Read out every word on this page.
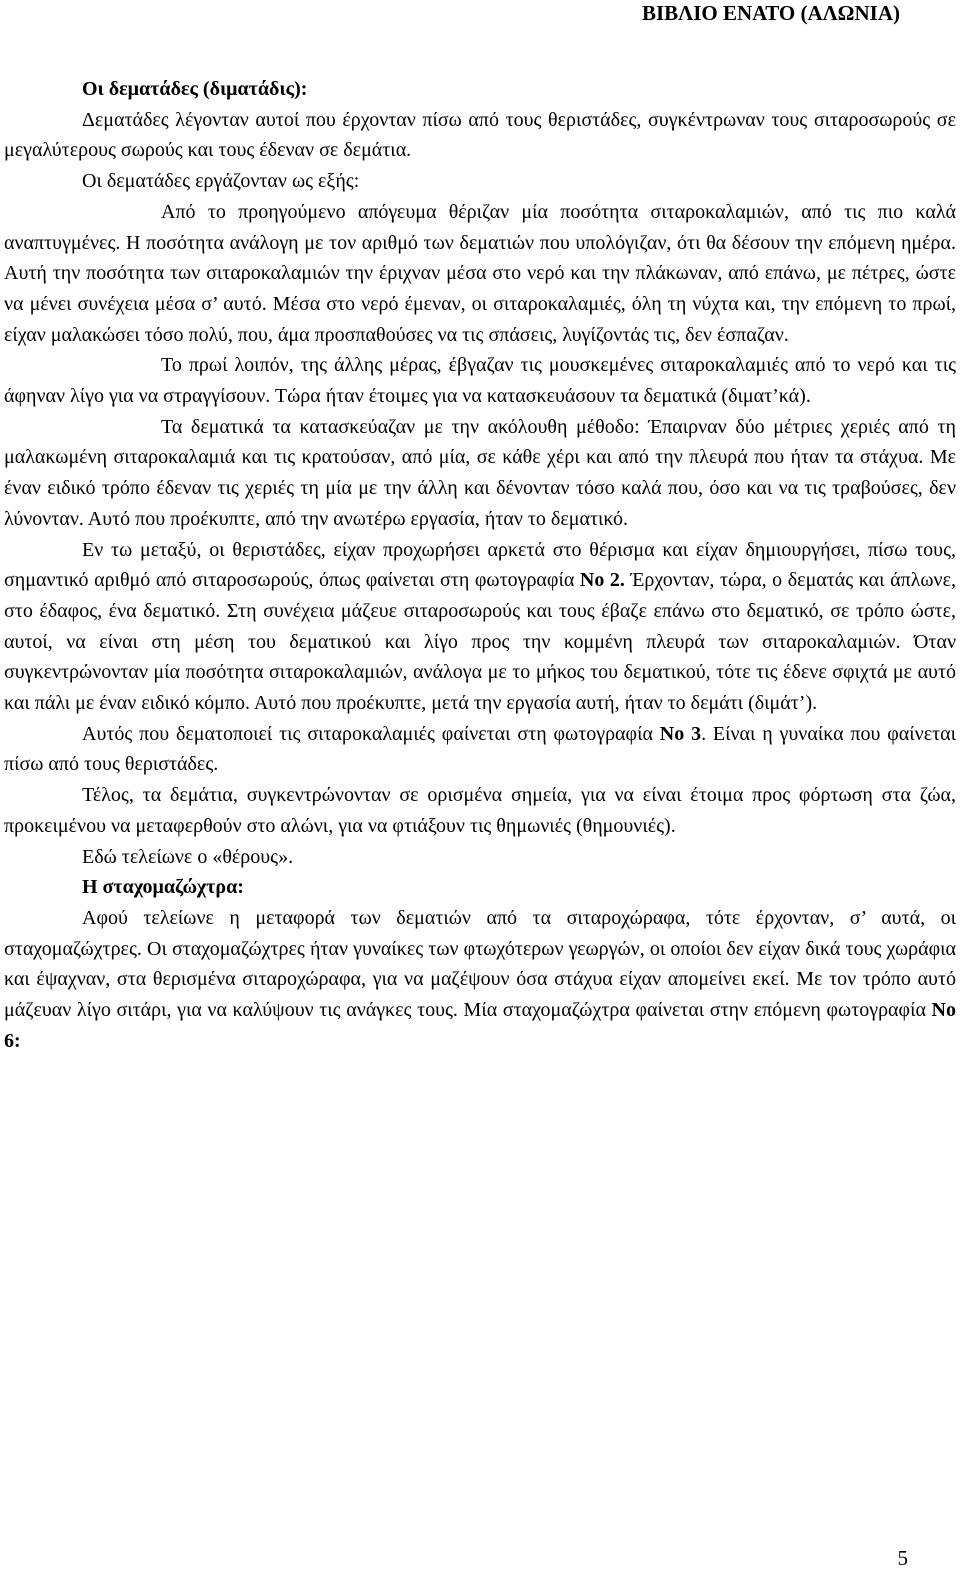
ΒΙΒΛΙΟ ΕΝΑΤΟ (ΑΛΩΝΙΑ)

Οι δεματάδες (διματάδις):

Δεματάδες λέγονταν αυτοί που έρχονταν πίσω από τους θεριστάδες, συγκέντρωναν τους σιταροσωρούς σε μεγαλύτερους σωρούς και τους έδεναν σε δεμάτια.

Οι δεματάδες εργάζονταν ως εξής:

Από το προηγούμενο απόγευμα θέριζαν μία ποσότητα σιταροκαλαμιών, από τις πιο καλά αναπτυγμένες. Η ποσότητα ανάλογη με τον αριθμό των δεματιών που υπολόγιζαν, ότι θα δέσουν την επόμενη ημέρα. Αυτή την ποσότητα των σιταροκαλαμιών την έριχναν μέσα στο νερό και την πλάκωναν, από επάνω, με πέτρες, ώστε να μένει συνέχεια μέσα σ’ αυτό. Μέσα στο νερό έμεναν, οι σιταροκαλαμιές, όλη τη νύχτα και, την επόμενη το πρωί, είχαν μαλακώσει τόσο πολύ, που, άμα προσπαθούσες να τις σπάσεις, λυγίζοντάς τις, δεν έσπαζαν.

Το πρωί λοιπόν, της άλλης μέρας, έβγαζαν τις μουσκεμένες σιταροκαλαμιές από το νερό και τις άφηναν λίγο για να στραγγίσουν. Τώρα ήταν έτοιμες για να κατασκευάσουν τα δεματικά (διματ’κά).

Τα δεματικά τα κατασκεύαζαν με την ακόλουθη μέθοδο: Έπαιρναν δύο μέτριες χεριές από τη μαλακωμένη σιταροκαλαμιά και τις κρατούσαν, από μία, σε κάθε χέρι και από την πλευρά που ήταν τα στάχυα. Με έναν ειδικό τρόπο έδεναν τις χεριές τη μία με την άλλη και δένονταν τόσο καλά που, όσο και να τις τραβούσες, δεν λύνονταν. Αυτό που προέκυπτε, από την ανωτέρω εργασία, ήταν το δεματικό.

Εν τω μεταξύ, οι θεριστάδες, είχαν προχωρήσει αρκετά στο θέρισμα και είχαν δημιουργήσει, πίσω τους, σημαντικό αριθμό από σιταροσωρούς, όπως φαίνεται στη φωτογραφία Νο 2. Έρχονταν, τώρα, ο δεματάς και άπλωνε, στο έδαφος, ένα δεματικό. Στη συνέχεια μάζευε σιταροσωρούς και τους έβαζε επάνω στο δεματικό, σε τρόπο ώστε, αυτοί, να είναι στη μέση του δεματικού και λίγο προς την κομμένη πλευρά των σιταροκαλαμιών. Όταν συγκεντρώνονταν μία ποσότητα σιταροκαλαμιών, ανάλογα με το μήκος του δεματικού, τότε τις έδενε σφιχτά με αυτό και πάλι με έναν ειδικό κόμπο. Αυτό που προέκυπτε, μετά την εργασία αυτή, ήταν το δεμάτι (διμάτ’).

Αυτός που δεματοποιεί τις σιταροκαλαμιές φαίνεται στη φωτογραφία Νο 3. Είναι η γυναίκα που φαίνεται πίσω από τους θεριστάδες.

Τέλος, τα δεμάτια, συγκεντρώνονταν σε ορισμένα σημεία, για να είναι έτοιμα προς φόρτωση στα ζώα, προκειμένου να μεταφερθούν στο αλώνι, για να φτιάξουν τις θημωνιές (θημουνιές).

Εδώ τελείωνε ο «θέρους».

Η σταχομαζώχτρα:

Αφού τελείωνε η μεταφορά των δεματιών από τα σιταροχώραφα, τότε έρχονταν, σ’ αυτά, οι σταχομαζώχτρες. Οι σταχομαζώχτρες ήταν γυναίκες των φτωχότερων γεωργών, οι οποίοι δεν είχαν δικά τους χωράφια και έψαχναν, στα θερισμένα σιταροχώραφα, για να μαζέψουν όσα στάχυα είχαν απομείνει εκεί. Με τον τρόπο αυτό μάζευαν λίγο σιτάρι, για να καλύψουν τις ανάγκες τους. Μία σταχομαζώχτρα φαίνεται στην επόμενη φωτογραφία Νο 6:

5
